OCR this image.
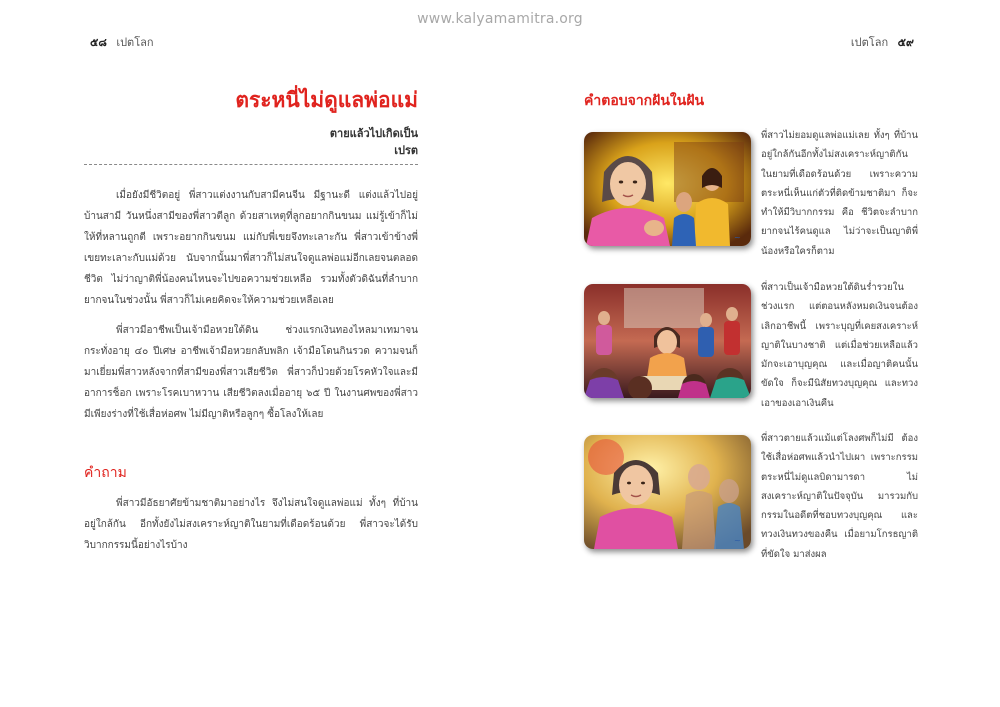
www.kalyamamitra.org
๕๘ เปตโลก	เปตโลก ๕๙
ตระหนี่ไม่ดูแลพ่อแม่
ตายแล้วไปเกิดเป็น
เปรต

เมื่อยังมีชีวิตอยู่ พี่สาวแต่งงานกับสามีคนจีน มีฐานะดี แต่งแล้วไปอยู่บ้านสามี วันหนึ่งสามีของพี่สาวตีลูก ด้วยสาเหตุที่ลูกอยากกินขนม แม่รู้เข้าก็ไม่ให้ที่หลานถูกตี เพราะอยากกินขนม แม่กับพี่เขยจึงทะเลาะกัน พี่สาวเข้าข้างพี่เขยทะเลาะกับแม่ด้วย นับจากนั้นมาพี่สาวก็ไม่สนใจดูแลพ่อแม่อีกเลยจนตลอดชีวิต ไม่ว่าญาติพี่น้องคนไหนจะไปขอความช่วยเหลือ รวมทั้งตัวดิฉันที่ลำบากยากจนในช่วงนั้น พี่สาวก็ไม่เคยคิดจะให้ความช่วยเหลือเลย

พี่สาวมีอาชีพเป็นเจ้ามือหวยใต้ดิน ช่วงแรกเงินทองไหลมาเทมาจนกระทั่งอายุ ๔๐ ปีเศษ อาชีพเจ้ามือหวยกลับพลิก เจ้ามือโดนกินรวด ความจนก็มาเยี่ยมพี่สาวหลังจากที่สามีของพี่สาวเสียชีวิต พี่สาวก็ป่วยด้วยโรคหัวใจและมีอาการช็อก เพราะโรคเบาหวาน เสียชีวิตลงเมื่ออายุ ๖๕ ปี ในงานศพของพี่สาวมีเพียงร่างที่ใช้เสื่อห่อศพ ไม่มีญาติหรือลูกๆ ซื้อโลงให้เลย

คำถาม

พี่สาวมีอัธยาศัยข้ามชาติมาอย่างไร จึงไม่สนใจดูแลพ่อแม่ ทั้งๆ ที่บ้านอยู่ใกล้กัน อีกทั้งยังไม่สงเคราะห์ญาติในยามที่เดือดร้อนด้วย พี่สาวจะได้รับวิบากกรรมนี้อย่างไรบ้าง

คำตอบจากฝันในฝัน
~

พี่สาวไม่ยอมดูแลพ่อแม่เลย ทั้งๆ ที่บ้านอยู่ใกล้กันอีกทั้งไม่สงเคราะห์ญาติกันในยามที่เดือดร้อนด้วย เพราะความตระหนี่เห็นแก่ตัวที่ติดข้ามชาติมา ก็จะทำให้มีวิบากกรรม คือ ชีวิตจะลำบากยากจนไร้คนดูแล ไม่ว่าจะเป็นญาติพี่น้องหรือใครก็ตาม

พี่สาวเป็นเจ้ามือหวยใต้ดินร่ำรวยในช่วงแรก แต่ตอนหลังหมดเงินจนต้องเลิกอาชีพนี้ เพราะบุญที่เคยสงเคราะห์ญาติในบางชาติ แต่เมื่อช่วยเหลือแล้วมักจะเอาบุญคุณ และเมื่อญาติคนนั้นขัดใจ ก็จะมีนิสัยทวงบุญคุณ และทวงเอาของเอาเงินคืน

~

พี่สาวตายแล้วแม้แต่โลงศพก็ไม่มี ต้องใช้เสื่อห่อศพแล้วนำไปเผา เพราะกรรมตระหนี่ไม่ดูแลบิดามารดา ไม่สงเคราะห์ญาติในปัจจุบัน มารวมกับกรรมในอดีตที่ชอบทวงบุญคุณ และทวงเงินทวงของคืน เมื่อยามโกรธญาติที่ขัดใจ มาส่งผล
